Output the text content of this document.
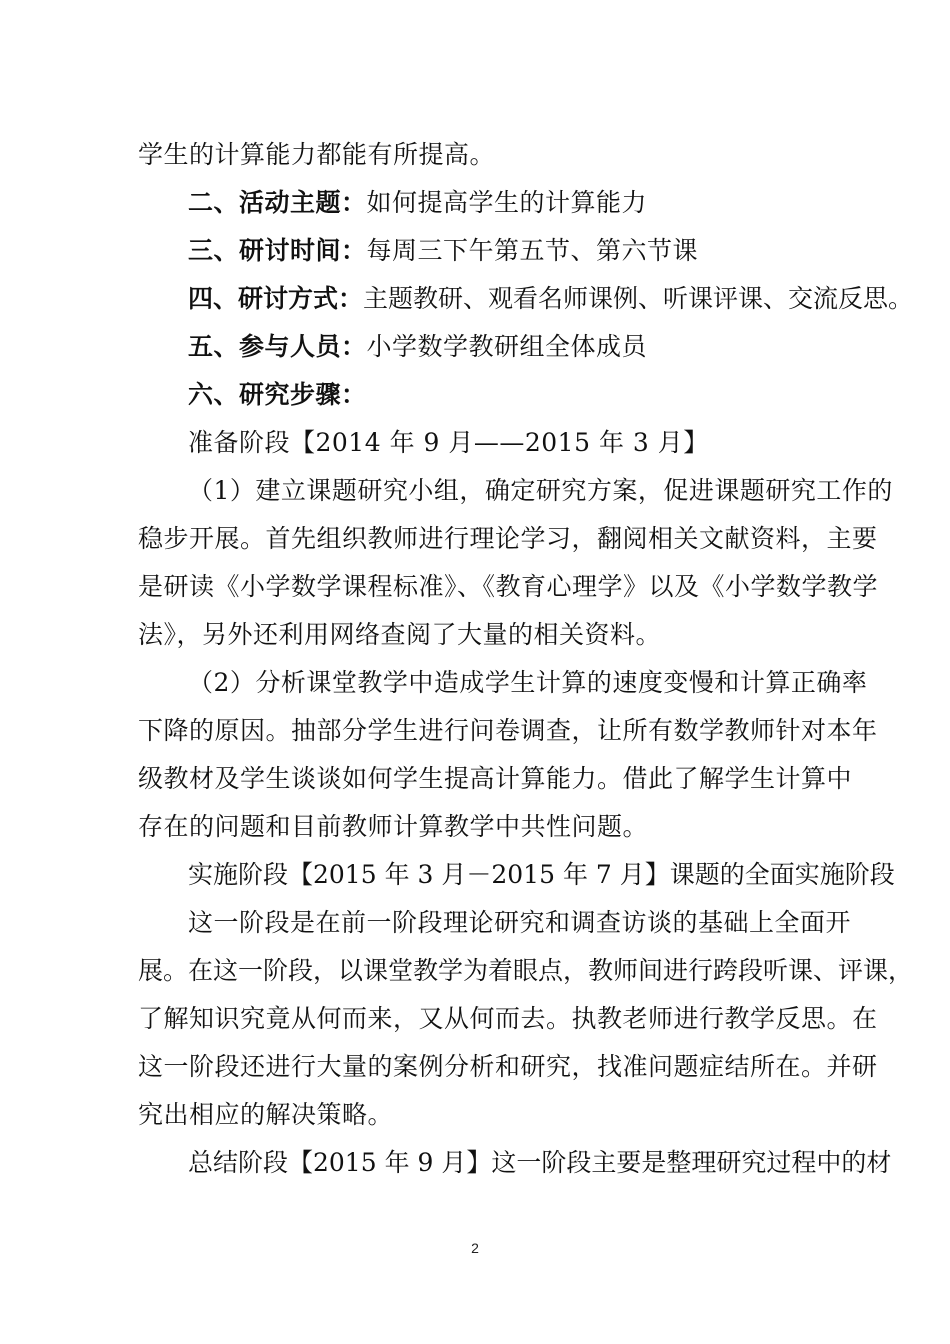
学生的计算能力都能有所提高。
二、活动主题：如何提高学生的计算能力
三、研讨时间：每周三下午第五节、第六节课
四、研讨方式：主题教研、观看名师课例、听课评课、交流反思。
五、参与人员：小学数学教研组全体成员
六、研究步骤：
准备阶段【2014 年 9 月——2015 年 3 月】
（1）建立课题研究小组，确定研究方案，促进课题研究工作的
稳步开展。首先组织教师进行理论学习，翻阅相关文献资料，主要
是研读《小学数学课程标准》、《教育心理学》以及《小学数学教学
法》，另外还利用网络查阅了大量的相关资料。
（2）分析课堂教学中造成学生计算的速度变慢和计算正确率
下降的原因。抽部分学生进行问卷调查，让所有数学教师针对本年
级教材及学生谈谈如何学生提高计算能力。借此了解学生计算中
存在的问题和目前教师计算教学中共性问题。
实施阶段【2015 年 3 月－2015 年 7 月】课题的全面实施阶段
这一阶段是在前一阶段理论研究和调查访谈的基础上全面开
展。在这一阶段，以课堂教学为着眼点，教师间进行跨段听课、评课，
了解知识究竟从何而来，又从何而去。执教老师进行教学反思。在
这一阶段还进行大量的案例分析和研究，找准问题症结所在。并研
究出相应的解决策略。
总结阶段【2015 年 9 月】这一阶段主要是整理研究过程中的材
2
